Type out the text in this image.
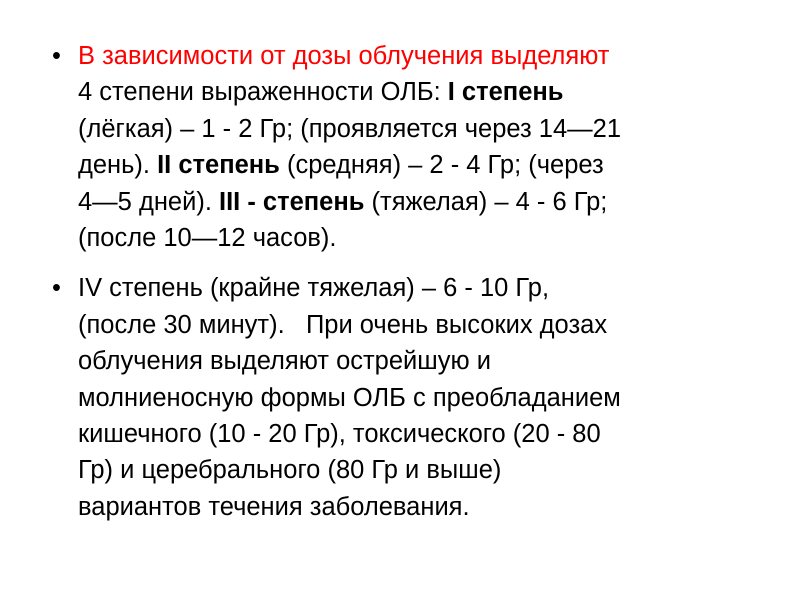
• В зависимости от дозы облучения выделяют
4 степени выраженности ОЛБ: I степень
(лёгкая) – 1 - 2 Гр; (проявляется через 14—21
день). II степень (средняя) – 2 - 4 Гр; (через
4—5 дней). III - степень (тяжелая) – 4 - 6 Гр;
(после 10—12 часов).
• IV степень (крайне тяжелая) – 6 - 10 Гр,
(после 30 минут). При очень высоких дозах
облучения выделяют острейшую и
молниеносную формы ОЛБ с преобладанием
кишечного (10 - 20 Гр), токсического (20 - 80
Гр) и церебрального (80 Гр и выше)
вариантов течения заболевания.
